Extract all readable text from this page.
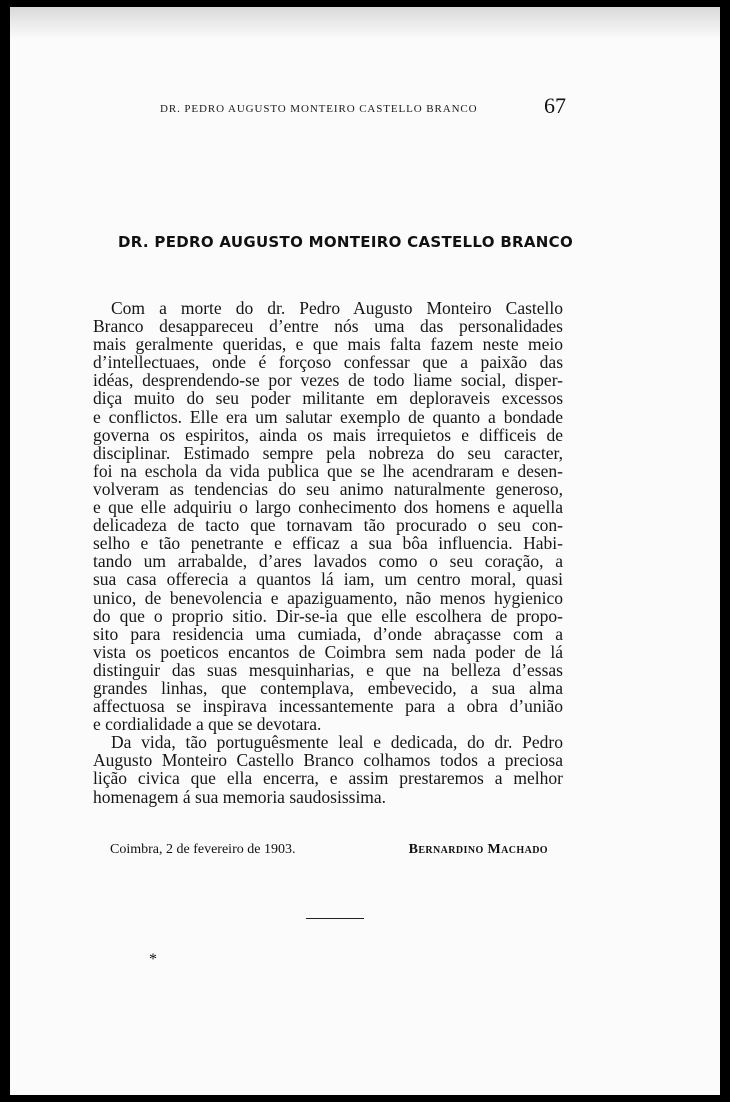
DR. PEDRO AUGUSTO MONTEIRO CASTELLO BRANCO	67
DR. PEDRO AUGUSTO MONTEIRO CASTELLO BRANCO
Com a morte do dr. Pedro Augusto Monteiro Castello
Branco desappareceu d’entre nós uma das personalidades
mais geralmente queridas, e que mais falta fazem neste meio
d’intellectuaes, onde é forçoso confessar que a paixão das
idéas, desprendendo-se por vezes de todo liame social, disper-
diça muito do seu poder militante em deploraveis excessos
e conflictos. Elle era um salutar exemplo de quanto a bondade
governa os espiritos, ainda os mais irrequietos e difficeis de
disciplinar. Estimado sempre pela nobreza do seu caracter,
foi na eschola da vida publica que se lhe acendraram e desen-
volveram as tendencias do seu animo naturalmente generoso,
e que elle adquiriu o largo conhecimento dos homens e aquella
delicadeza de tacto que tornavam tão procurado o seu con-
selho e tão penetrante e efficaz a sua bôa influencia. Habi-
tando um arrabalde, d’ares lavados como o seu coração, a
sua casa offerecia a quantos lá iam, um centro moral, quasi
unico, de benevolencia e apaziguamento, não menos hygienico
do que o proprio sitio. Dir-se-ia que elle escolhera de propo-
sito para residencia uma cumiada, d’onde abraçasse com a
vista os poeticos encantos de Coimbra sem nada poder de lá
distinguir das suas mesquinharias, e que na belleza d’essas
grandes linhas, que contemplava, embevecido, a sua alma
affectuosa se inspirava incessantemente para a obra d’união
e cordialidade a que se devotara.
Da vida, tão portuguêsmente leal e dedicada, do dr. Pedro
Augusto Monteiro Castello Branco colhamos todos a preciosa
lição civica que ella encerra, e assim prestaremos a melhor
homenagem á sua memoria saudosissima.
Coimbra, 2 de fevereiro de 1903.	Bernardino Machado
*
